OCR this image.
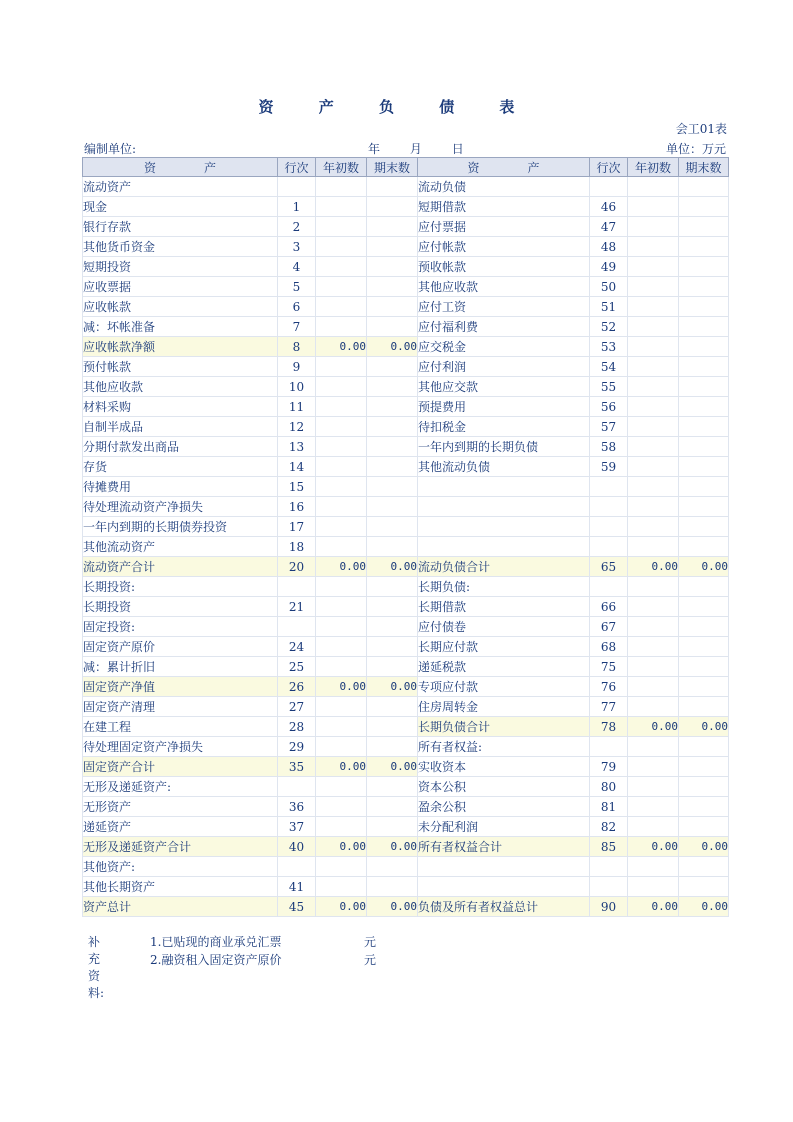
资 产 负 债 表
会工01表
编制单位:	年 月 日	单位：万元
资　　　　产	行次	年初数	期末数	资　　　　产	行次	年初数	期末数
流动资产				流动负债			
现金	1			短期借款	46		
银行存款	2			应付票据	47		
其他货币资金	3			应付帐款	48		
短期投资	4			预收帐款	49		
应收票据	5			其他应收款	50		
应收帐款	6			应付工资	51		
减：坏帐准备	7			应付福利费	52		
应收帐款净额	8	0.00	0.00	应交税金	53		
预付帐款	9			应付利润	54		
其他应收款	10			其他应交款	55		
材料采购	11			预提费用	56		
自制半成品	12			待扣税金	57		
分期付款发出商品	13			一年内到期的长期负债	58		
存货	14			其他流动负债	59		
待摊费用	15						
待处理流动资产净损失	16						
一年内到期的长期债券投资	17						
其他流动资产	18						
流动资产合计	20	0.00	0.00	流动负债合计	65	0.00	0.00
长期投资:				长期负债:			
长期投资	21			长期借款	66		
固定投资:				应付债卷	67		
固定资产原价	24			长期应付款	68		
减：累计折旧	25			递延税款	75		
固定资产净值	26	0.00	0.00	专项应付款	76		
固定资产清理	27			住房周转金	77		
在建工程	28			长期负债合计	78	0.00	0.00
待处理固定资产净损失	29			所有者权益:			
固定资产合计	35	0.00	0.00	实收资本	79		
无形及递延资产:				资本公积	80		
无形资产	36			盈余公积	81		
递延资产	37			未分配利润	82		
无形及递延资产合计	40	0.00	0.00	所有者权益合计	85	0.00	0.00
其他资产:							
其他长期资产	41						
资产总计	45	0.00	0.00	负债及所有者权益总计	90	0.00	0.00
补充资料:
1.已贴现的商业承兑汇票	元
2.融资租入固定资产原价	元
